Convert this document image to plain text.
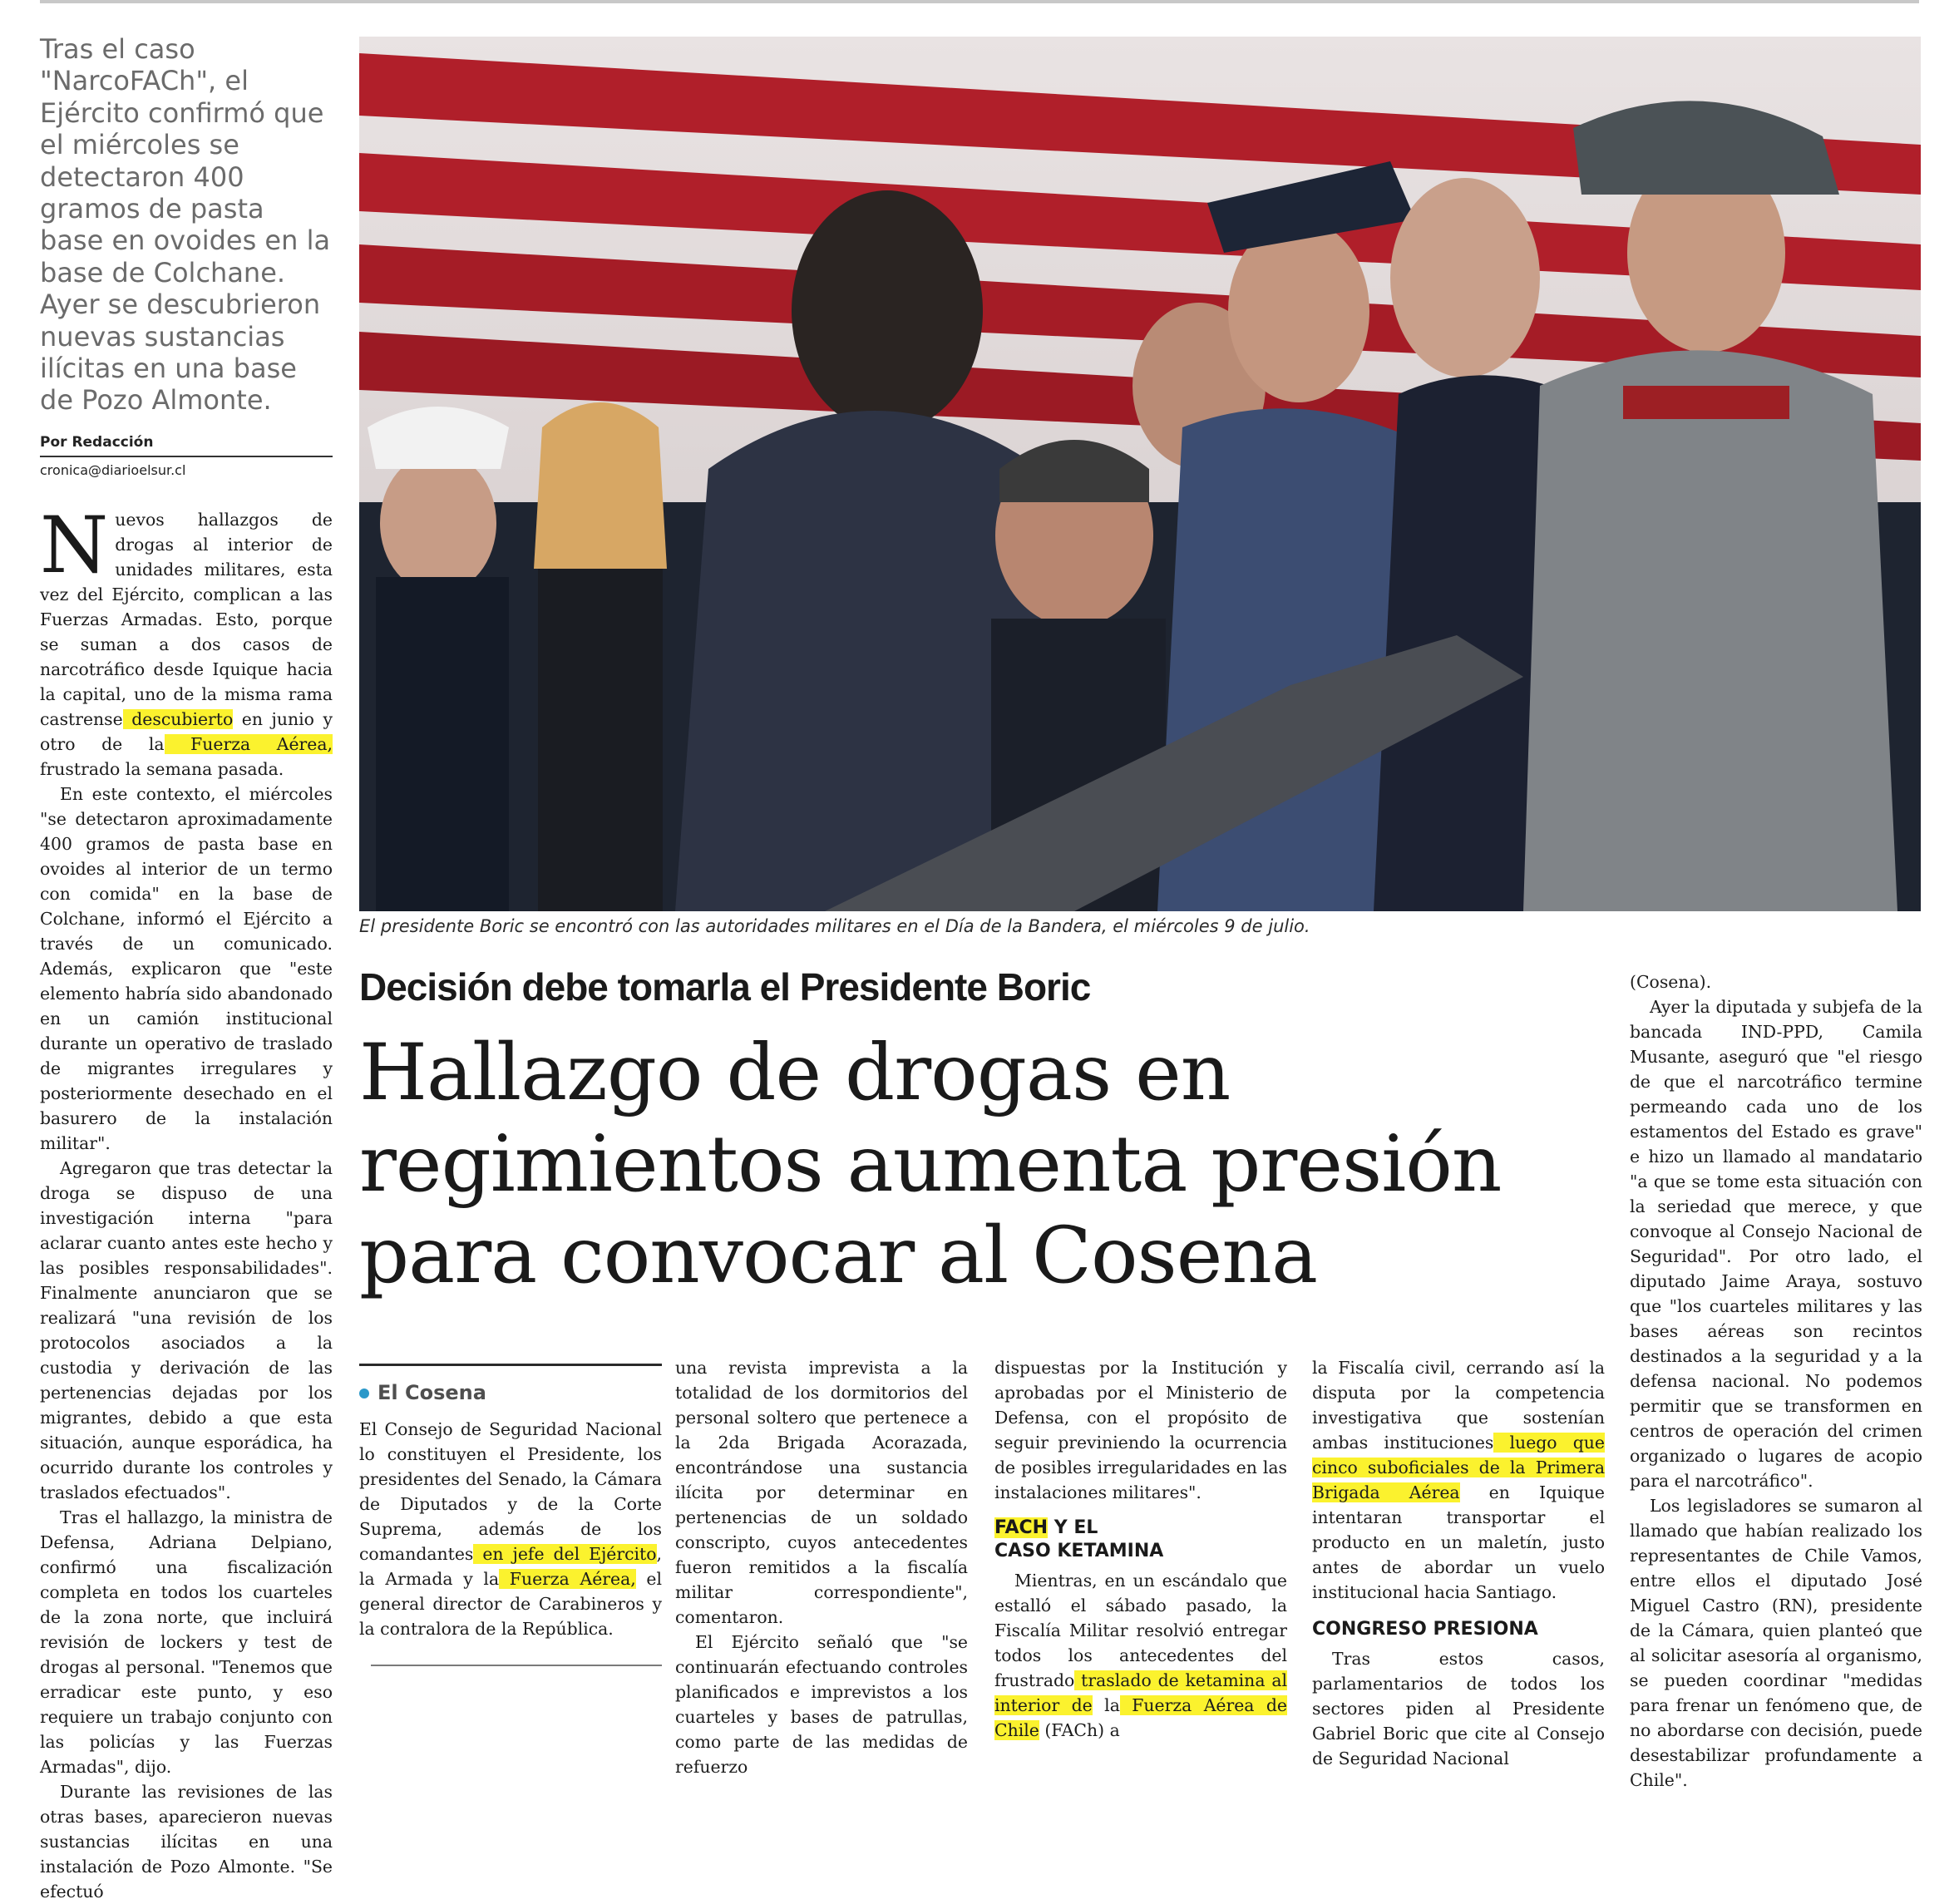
Tras el caso "NarcoFACh", el Ejército confirmó que el miércoles se detectaron 400 gramos de pasta base en ovoides en la base de Colchane. Ayer se descubrieron nuevas sustancias ilícitas en una base de Pozo Almonte.
Por Redacción
cronica@diarioelsur.cl

Nuevos hallazgos de drogas al interior de unidades militares, esta vez del Ejército, complican a las Fuerzas Armadas. Esto, porque se suman a dos casos de narcotráfico desde Iquique hacia la capital, uno de la misma rama castrense descubierto en junio y otro de la Fuerza Aérea, frustrado la semana pasada.

En este contexto, el miércoles "se detectaron aproximadamente 400 gramos de pasta base en ovoides al interior de un termo con comida" en la base de Colchane, informó el Ejército a través de un comunicado. Además, explicaron que "este elemento habría sido abandonado en un camión institucional durante un operativo de traslado de migrantes irregulares y posteriormente desechado en el basurero de la instalación militar".

Agregaron que tras detectar la droga se dispuso de una investigación interna "para aclarar cuanto antes este hecho y las posibles responsabilidades". Finalmente anunciaron que se realizará "una revisión de los protocolos asociados a la custodia y derivación de las pertenencias dejadas por los migrantes, debido a que esta situación, aunque esporádica, ha ocurrido durante los controles y traslados efectuados".

Tras el hallazgo, la ministra de Defensa, Adriana Delpiano, confirmó una fiscalización completa en todos los cuarteles de la zona norte, que incluirá revisión de lockers y test de drogas al personal. "Tenemos que erradicar este punto, y eso requiere un trabajo conjunto con las policías y las Fuerzas Armadas", dijo.

Durante las revisiones de las otras bases, aparecieron nuevas sustancias ilícitas en una instalación de Pozo Almonte. "Se efectuó

El presidente Boric se encontró con las autoridades militares en el Día de la Bandera, el miércoles 9 de julio.
Decisión debe tomarla el Presidente Boric
Hallazgo de drogas en
regimientos aumenta presión
para convocar al Cosena
El Cosena

El Consejo de Seguridad Nacional lo constituyen el Presidente, los presidentes del Senado, la Cámara de Diputados y de la Corte Suprema, además de los comandantes en jefe del Ejército, la Armada y la Fuerza Aérea, el general director de Carabineros y la contralora de la República.

una revista imprevista a la totalidad de los dormitorios del personal soltero que pertenece a la 2da Brigada Acorazada, encontrándose una sustancia ilícita por determinar en pertenencias de un soldado conscripto, cuyos antecedentes fueron remitidos a la fiscalía militar correspondiente", comentaron.

El Ejército señaló que "se continuarán efectuando controles planificados e imprevistos a los cuarteles y bases de patrullas, como parte de las medidas de refuerzo

dispuestas por la Institución y aprobadas por el Ministerio de Defensa, con el propósito de seguir previniendo la ocurrencia de posibles irregularidades en las instalaciones militares".

FACH Y EL
CASO KETAMINA

Mientras, en un escándalo que estalló el sábado pasado, la Fiscalía Militar resolvió entregar todos los antecedentes del frustrado traslado de ketamina al interior de la Fuerza Aérea de Chile (FACh) a

la Fiscalía civil, cerrando así la disputa por la competencia investigativa que sostenían ambas instituciones luego que cinco suboficiales de la Primera Brigada Aérea en Iquique intentaran transportar el producto en un maletín, justo antes de abordar un vuelo institucional hacia Santiago.

CONGRESO PRESIONA

Tras estos casos, parlamentarios de todos los sectores piden al Presidente Gabriel Boric que cite al Consejo de Seguridad Nacional

(Cosena).

Ayer la diputada y subjefa de la bancada IND-PPD, Camila Musante, aseguró que "el riesgo de que el narcotráfico termine permeando cada uno de los estamentos del Estado es grave" e hizo un llamado al mandatario "a que se tome esta situación con la seriedad que merece, y que convoque al Consejo Nacional de Seguridad". Por otro lado, el diputado Jaime Araya, sostuvo que "los cuarteles militares y las bases aéreas son recintos destinados a la seguridad y a la defensa nacional. No podemos permitir que se transformen en centros de operación del crimen organizado o lugares de acopio para el narcotráfico".

Los legisladores se sumaron al llamado que habían realizado los representantes de Chile Vamos, entre ellos el diputado José Miguel Castro (RN), presidente de la Cámara, quien planteó que al solicitar asesoría al organismo, se pueden coordinar "medidas para frenar un fenómeno que, de no abordarse con decisión, puede desestabilizar profundamente a Chile".
